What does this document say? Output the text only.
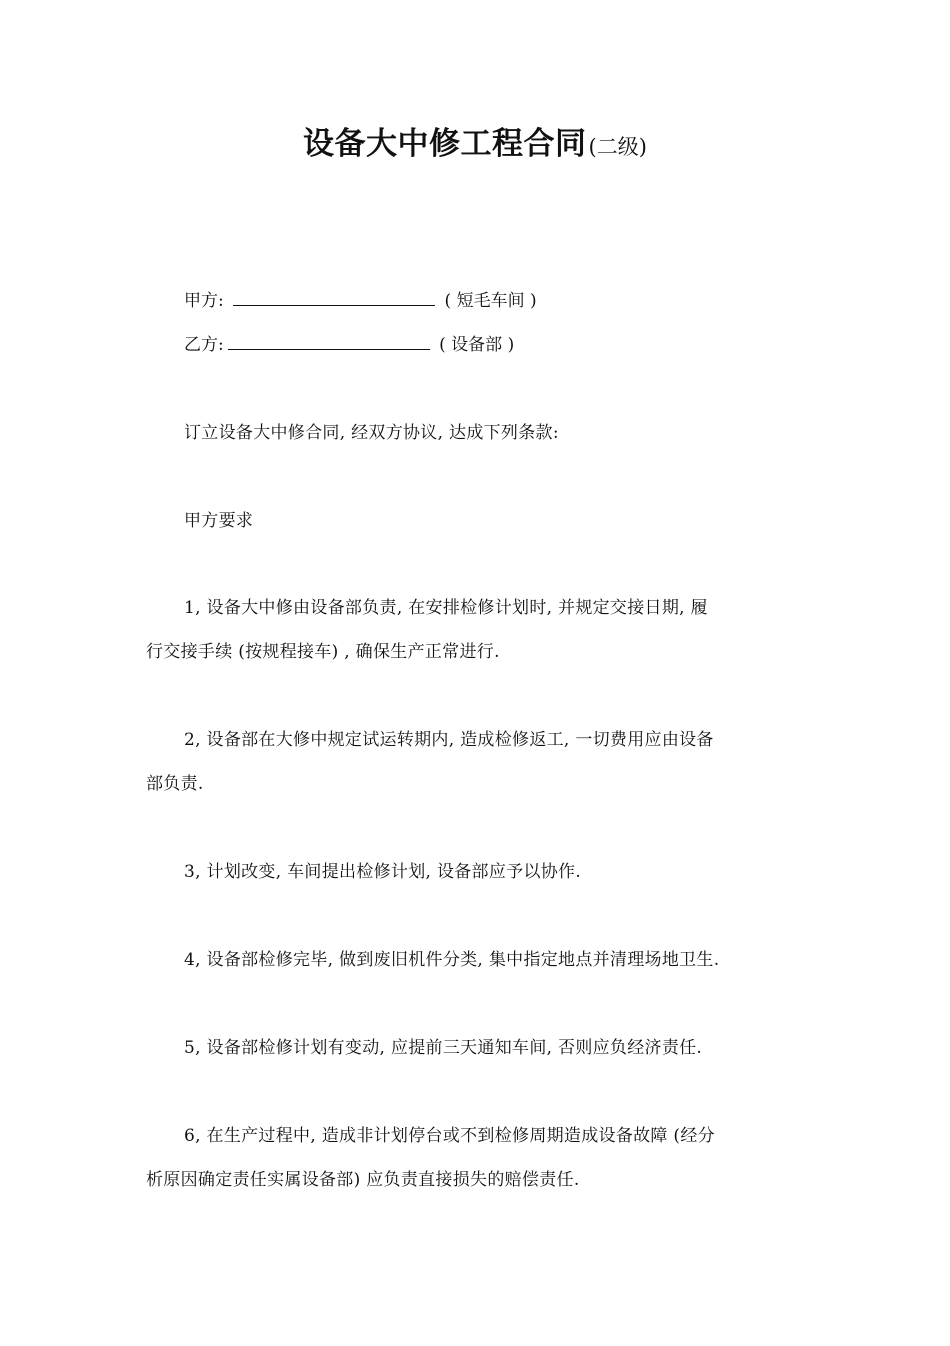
设备大中修工程合同(二级)
甲方:	( 短毛车间 )
乙方:	( 设备部 )
订立设备大中修合同, 经双方协议, 达成下列条款:
甲方要求
1, 设备大中修由设备部负责, 在安排检修计划时, 并规定交接日期, 履
行交接手续 (按规程接车) , 确保生产正常进行.
2, 设备部在大修中规定试运转期内, 造成检修返工, 一切费用应由设备
部负责.
3, 计划改变, 车间提出检修计划, 设备部应予以协作.
4, 设备部检修完毕, 做到废旧机件分类, 集中指定地点并清理场地卫生.
5, 设备部检修计划有变动, 应提前三天通知车间, 否则应负经济责任.
6, 在生产过程中, 造成非计划停台或不到检修周期造成设备故障 (经分
析原因确定责任实属设备部) 应负责直接损失的赔偿责任.
